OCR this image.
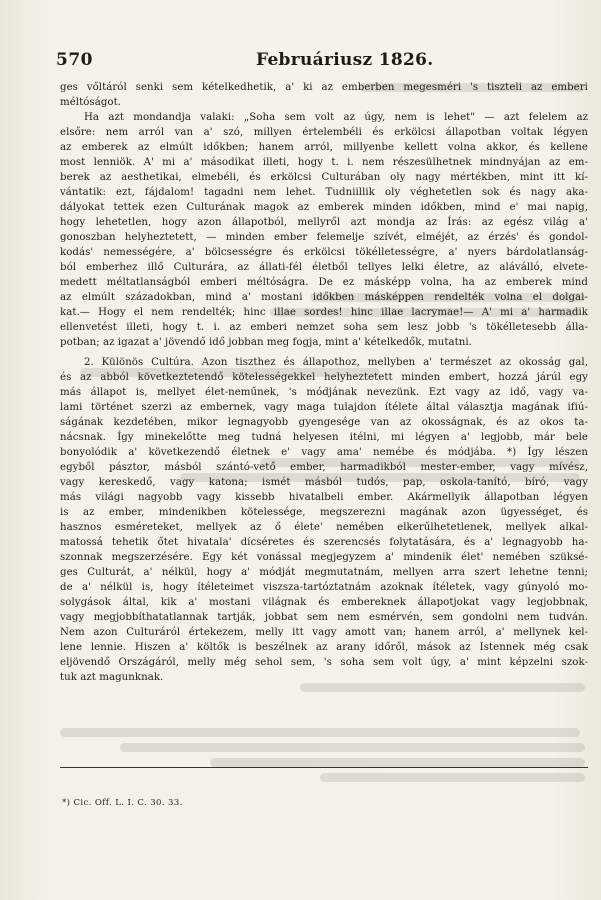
570	Februáriusz 1826.
ges vőltáról senki sem kételkedhetik, a' ki az emberben megesméri 's tiszteli az emberi
méltóságot.
Ha azt mondandja valaki: „Soha sem volt az úgy, nem is lehet" — azt felelem az
elsőre: nem arról van a' szó, millyen értelembéli és erkölcsi állapotban voltak légyen
az emberek az elmúlt időkben; hanem arról, millyenbe kellett volna akkor, és kellene
most lenniök. A' mi a' másodikat illeti, hogy t. i. nem részesülhetnek mindnyájan az em-
berek az aesthetikai, elmebéli, és erkölcsi Culturában oly nagy mértékben, mint itt kí-
vántatik: ezt, fájdalom! tagadni nem lehet. Tudniillik oly véghetetlen sok és nagy aka-
dályokat tettek ezen Culturának magok az emberek minden időkben, mind e' mai napig,
hogy lehetetlen, hogy azon állapotból, mellyről azt mondja az Írás: az egész világ a'
gonoszban helyheztetett, — minden ember felemelje szívét, elméjét, az érzés' és gondol-
kodás' nemességére, a' bölcsességre és erkölcsi tökélletességre, a' nyers bárdolatlanság-
ból emberhez illő Culturára, az állati-fél életből tellyes lelki életre, az aláválló, elvete-
medett méltatlanságból emberi méltóságra. De ez másképp volna, ha az emberek mind
az elmúlt századokban, mind a' mostani időkben másképpen rendelték volna el dolgai-
kat.— Hogy el nem rendelték; hinc illae sordes! hinc illae lacrymae!— A' mi a' harmadik
ellenvetést illeti, hogy t. i. az emberi nemzet soha sem lesz jobb 's tökélletesebb álla-
potban; az igazat a' jövendő idő jobban meg fogja, mint a' kételkedők, mutatni.
2. Különös Cultúra. Azon tiszthez és állapothoz, mellyben a' természet az okosság gal,
és az abból következtetendő kötelességekkel helyheztetett minden embert, hozzá járúl egy
más állapot is, mellyet élet-neműnek, 's módjának nevezünk. Ezt vagy az idő, vagy va-
lami történet szerzi az embernek, vagy maga tulajdon ítélete által választja magának ifiú-
ságának kezdetében, mikor legnagyobb gyengesége van az okosságnak, és az okos ta-
nácsnak. Így minekelőtte meg tudná helyesen itélni, mi légyen a' legjobb, már bele
bonyolódik a' következendő életnek e' vagy ama' nemébe és módjába. *) Így lészen
egyből pásztor, másból szántó-vető ember, harmadikból mester-ember, vagy mívész,
vagy kereskedő, vagy katona; ismét másból tudós, pap, oskola-tanító, bíró, vagy
más világi nagyobb vagy kissebb hivatalbeli ember. Akármellyik állapotban légyen
is az ember, mindenikben kötelessége, megszerezni magának azon ügyességet, és
hasznos esméreteket, mellyek az ő élete' nemében elkerűlhetetlenek, mellyek alkal-
matossá tehetik őtet hivatala' dícséretes és szerencsés folytatására, és a' legnagyobb ha-
szonnak megszerzésére. Egy két vonással megjegyzem a' mindenik élet' nemében szüksé-
ges Culturát, a' nélkül, hogy a' módját megmutatnám, mellyen arra szert lehetne tenni;
de a' nélkül is, hogy ítéleteimet viszsza-tartóztatnám azoknak ítéletek, vagy gúnyoló mo-
solygások által, kik a' mostani világnak és embereknek állapotjokat vagy legjobbnak,
vagy megjobbíthatatlannak tartják, jobbat sem nem esmérvén, sem gondolni nem tudván.
Nem azon Culturáról értekezem, melly itt vagy amott van; hanem arról, a' mellynek kel-
lene lennie. Hiszen a' költők is beszélnek az arany időről, mások az Istennek még csak
eljövendő Országáról, melly még sehol sem, 's soha sem volt úgy, a' mint képzelni szok-
tuk azt magunknak.
*) Cic. Off. L. I. C. 30. 33.
